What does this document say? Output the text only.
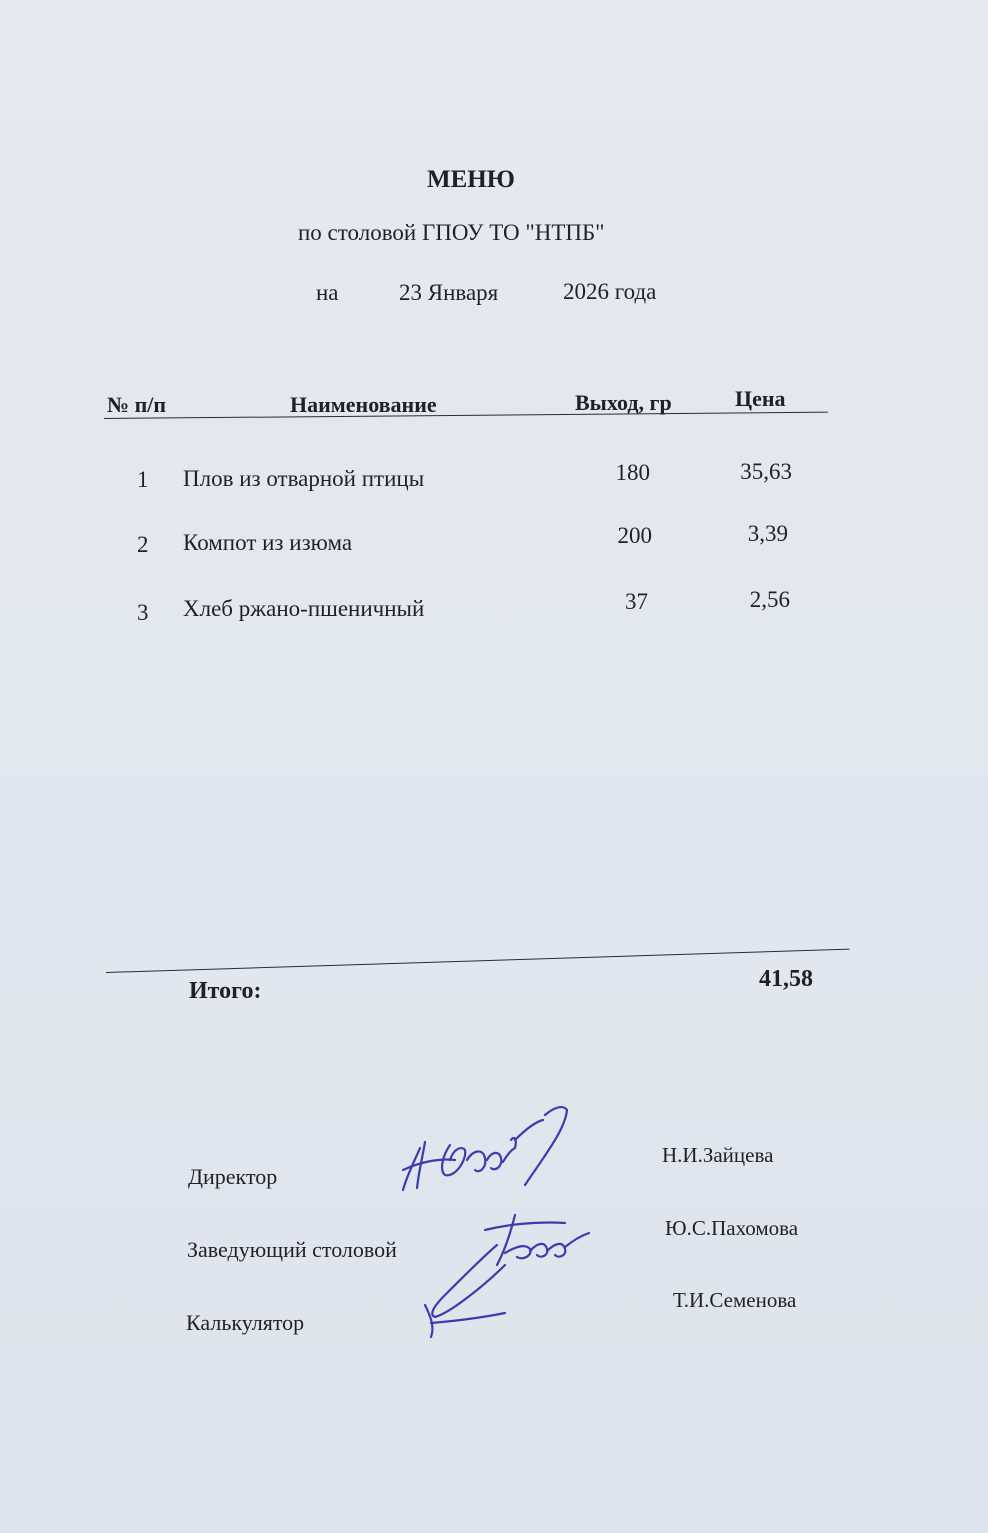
МЕНЮ
по столовой ГПОУ ТО "НТПБ"
на	23 Января	2026 года
№ п/п	Наименование	Выход, гр	Цена
1 Плов из отварной птицы	180	35,63
2 Компот из изюма	200	3,39
3 Хлеб ржано-пшеничный	37	2,56
Итого:	41,58
Директор
Н.И.Зайцева
Заведующий столовой
Ю.С.Пахомова
Калькулятор
Т.И.Семенова
